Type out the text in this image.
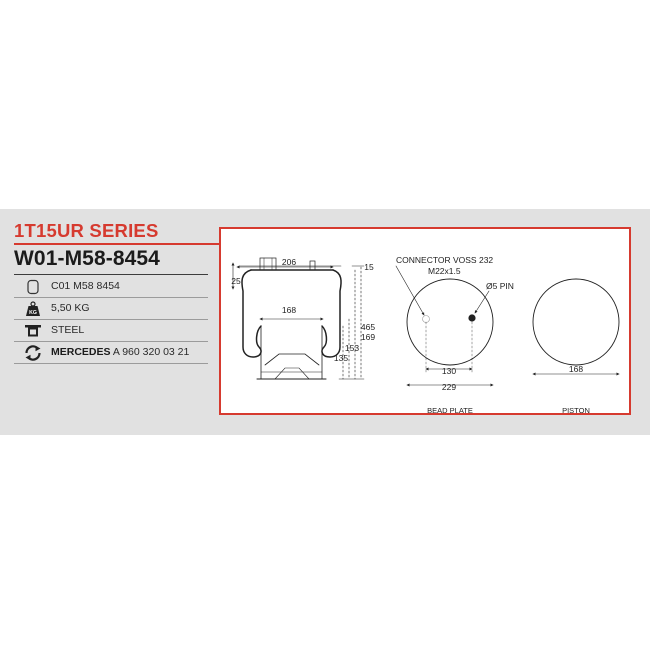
1T15UR SERIES
W01-M58-8454
C01 M58 8454
KG 5,50 KG
STEEL
MERCEDES A 960 320 03 21
206	15
25
168
465
169
153
135
CONNECTOR VOSS 232
M22x1.5
Ø5 PIN
130
229
BEAD PLATE
168
PISTON
